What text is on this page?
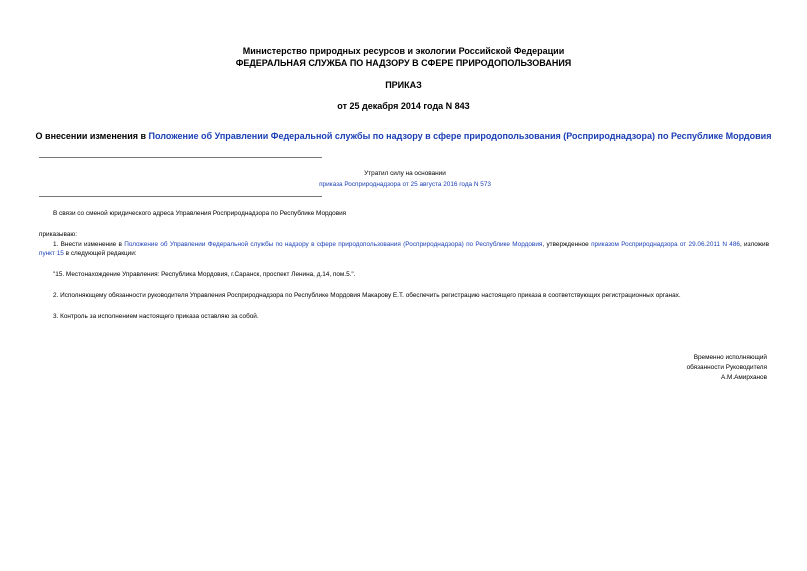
Министерство природных ресурсов и экологии Российской Федерации
ФЕДЕРАЛЬНАЯ СЛУЖБА ПО НАДЗОРУ В СФЕРЕ ПРИРОДОПОЛЬЗОВАНИЯ
ПРИКАЗ
от 25 декабря 2014 года N 843
О внесении изменения в Положение об Управлении Федеральной службы по надзору в сфере природопользования (Росприроднадзора) по Республике Мордовия
Утратил силу на основании
приказа Росприроднадзора от 25 августа 2016 года N 573
В связи со сменой юридического адреса Управления Росприроднадзора по Республике Мордовия
приказываю:
1. Внести изменение в Положение об Управлении Федеральной службы по надзору в сфере природопользования (Росприроднадзора) по Республике Мордовия, утвержденное приказом Росприроднадзора от 29.06.2011 N 486, изложив пункт 15 в следующей редакции:
"15. Местонахождение Управления: Республика Мордовия, г.Саранск, проспект Ленина, д.14, пом.5.".
2. Исполняющему обязанности руководителя Управления Росприроднадзора по Республике Мордовия Макарову Е.Т. обеспечить регистрацию настоящего приказа в соответствующих регистрационных органах.
3. Контроль за исполнением настоящего приказа оставляю за собой.
Временно исполняющий
обязанности Руководителя
А.М.Амирханов
